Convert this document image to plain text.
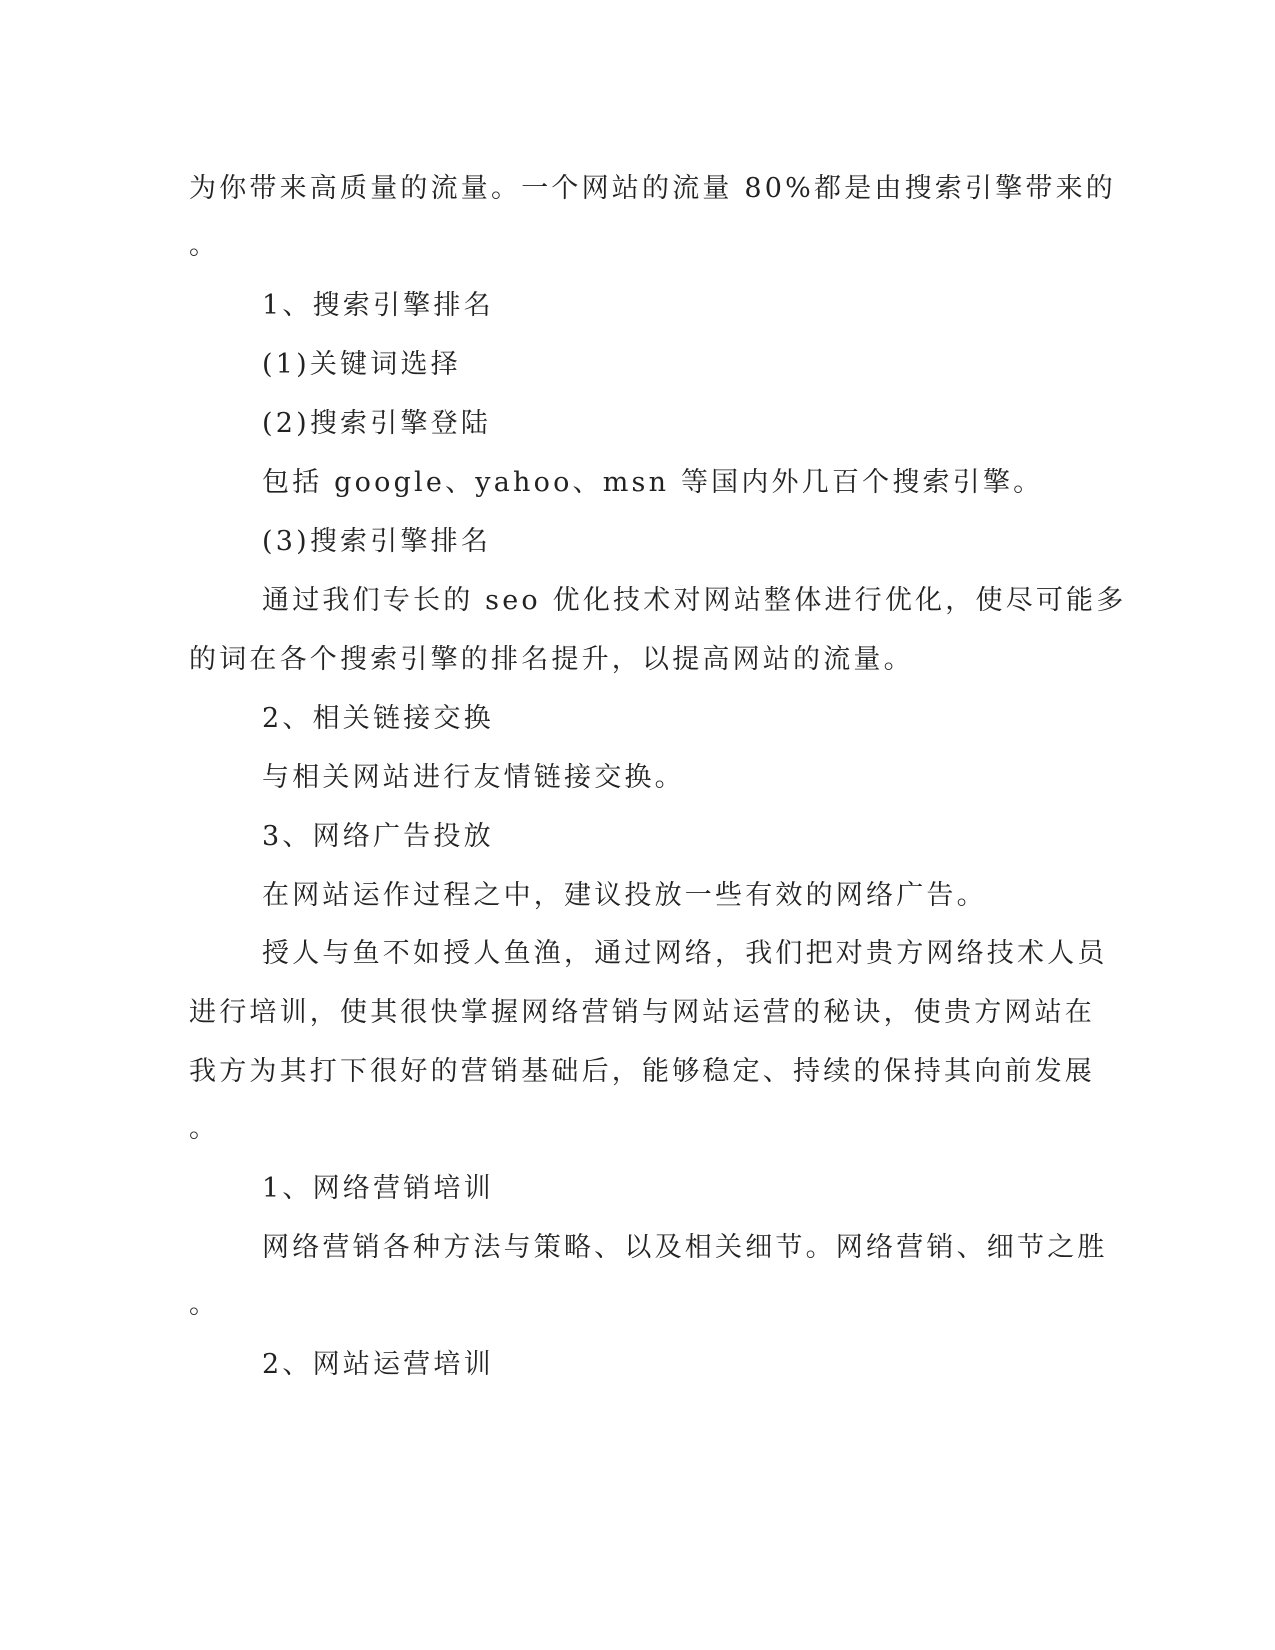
为你带来高质量的流量。一个网站的流量 80%都是由搜索引擎带来的
。
1、搜索引擎排名
(1)关键词选择
(2)搜索引擎登陆
包括 google、yahoo、msn 等国内外几百个搜索引擎。
(3)搜索引擎排名
通过我们专长的 seo 优化技术对网站整体进行优化，使尽可能多
的词在各个搜索引擎的排名提升，以提高网站的流量。
2、相关链接交换
与相关网站进行友情链接交换。
3、网络广告投放
在网站运作过程之中，建议投放一些有效的网络广告。
授人与鱼不如授人鱼渔，通过网络，我们把对贵方网络技术人员
进行培训，使其很快掌握网络营销与网站运营的秘诀，使贵方网站在
我方为其打下很好的营销基础后，能够稳定、持续的保持其向前发展
。
1、网络营销培训
网络营销各种方法与策略、以及相关细节。网络营销、细节之胜
。
2、网站运营培训
